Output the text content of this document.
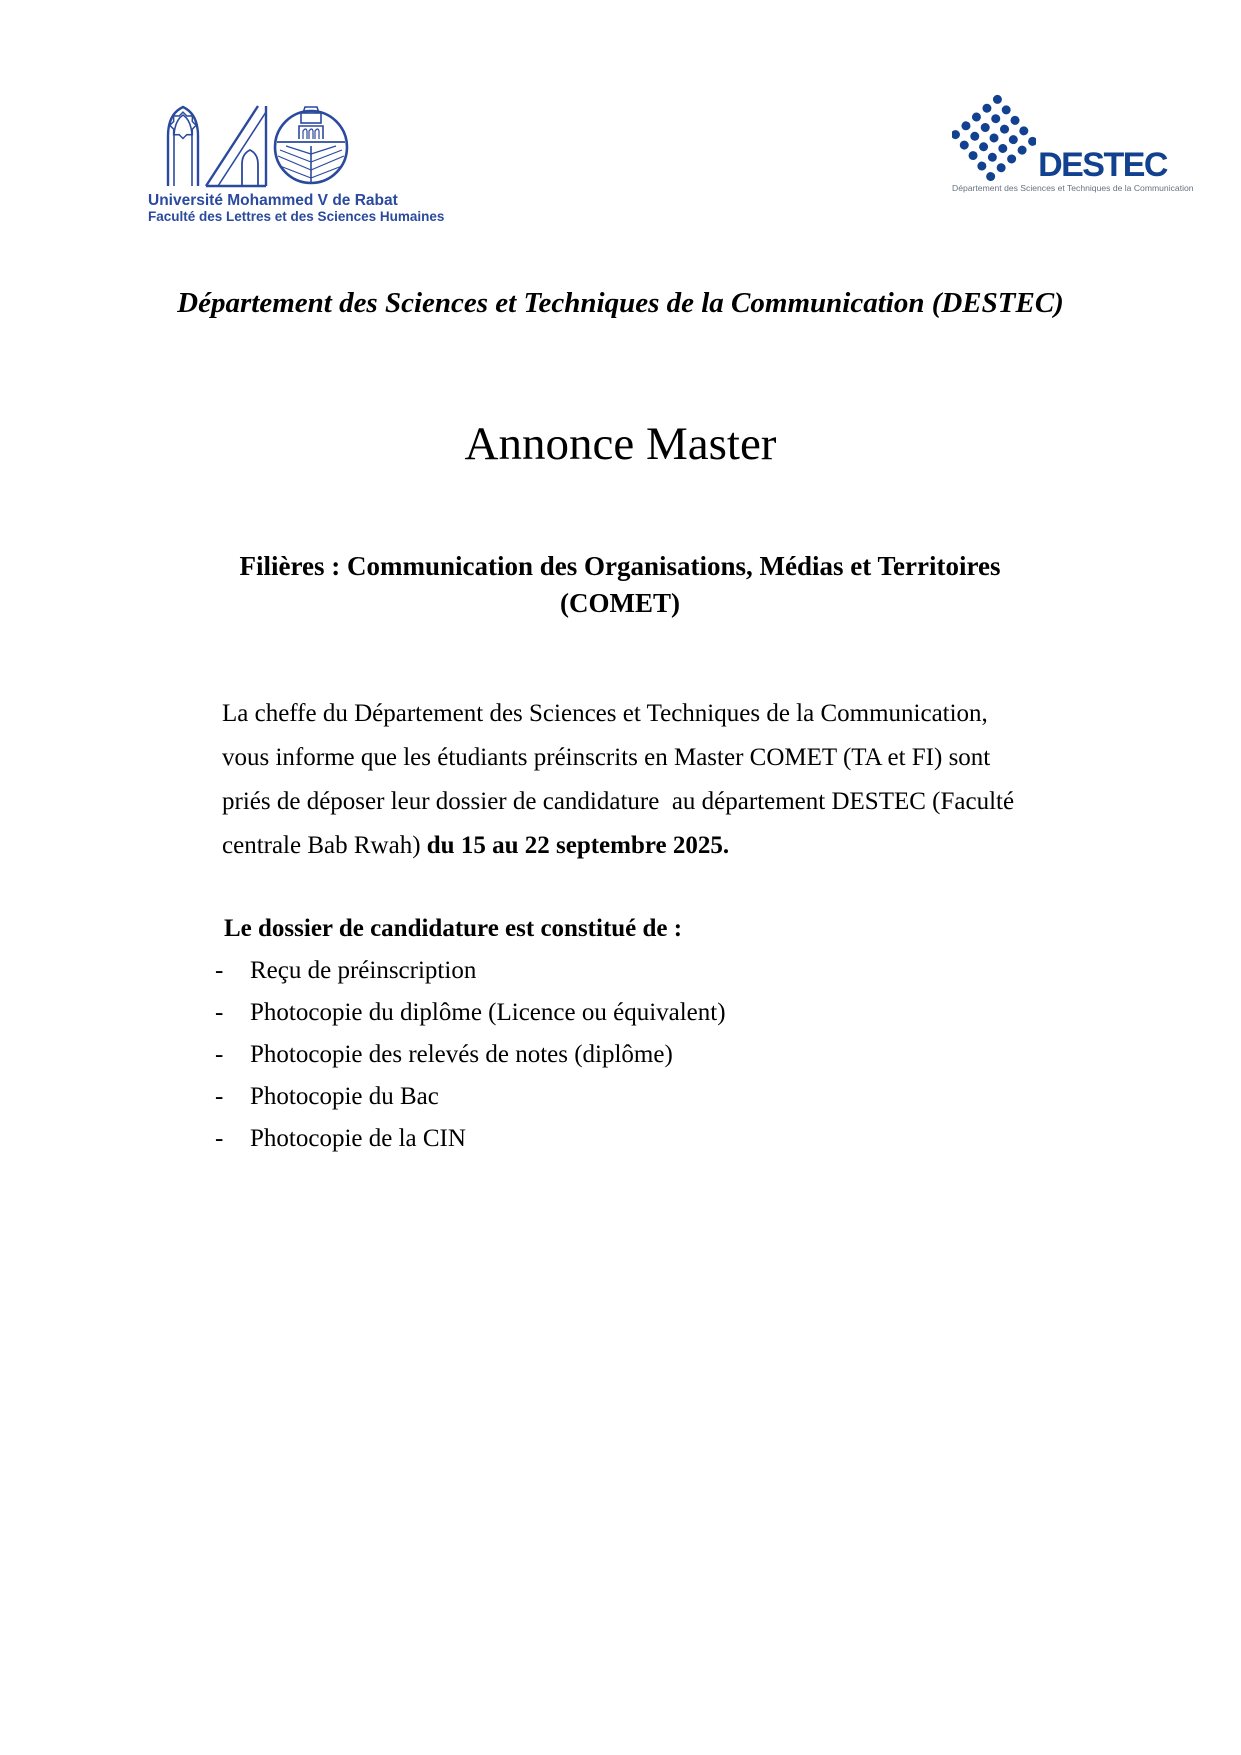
Université Mohammed V de Rabat
Faculté des Lettres et des Sciences Humaines
DESTEC
Département des Sciences et Techniques de la Communication
Département des Sciences et Techniques de la Communication (DESTEC)
Annonce Master
Filières : Communication des Organisations, Médias et Territoires
(COMET)
La cheffe du Département des Sciences et Techniques de la Communication, vous informe que les étudiants préinscrits en Master COMET (TA et FI) sont priés de déposer leur dossier de candidature  au département DESTEC (Faculté centrale Bab Rwah) du 15 au 22 septembre 2025.
Le dossier de candidature est constitué de :
-	Reçu de préinscription
-	Photocopie du diplôme (Licence ou équivalent)
-	Photocopie des relevés de notes (diplôme)
-	Photocopie du Bac
-	Photocopie de la CIN
